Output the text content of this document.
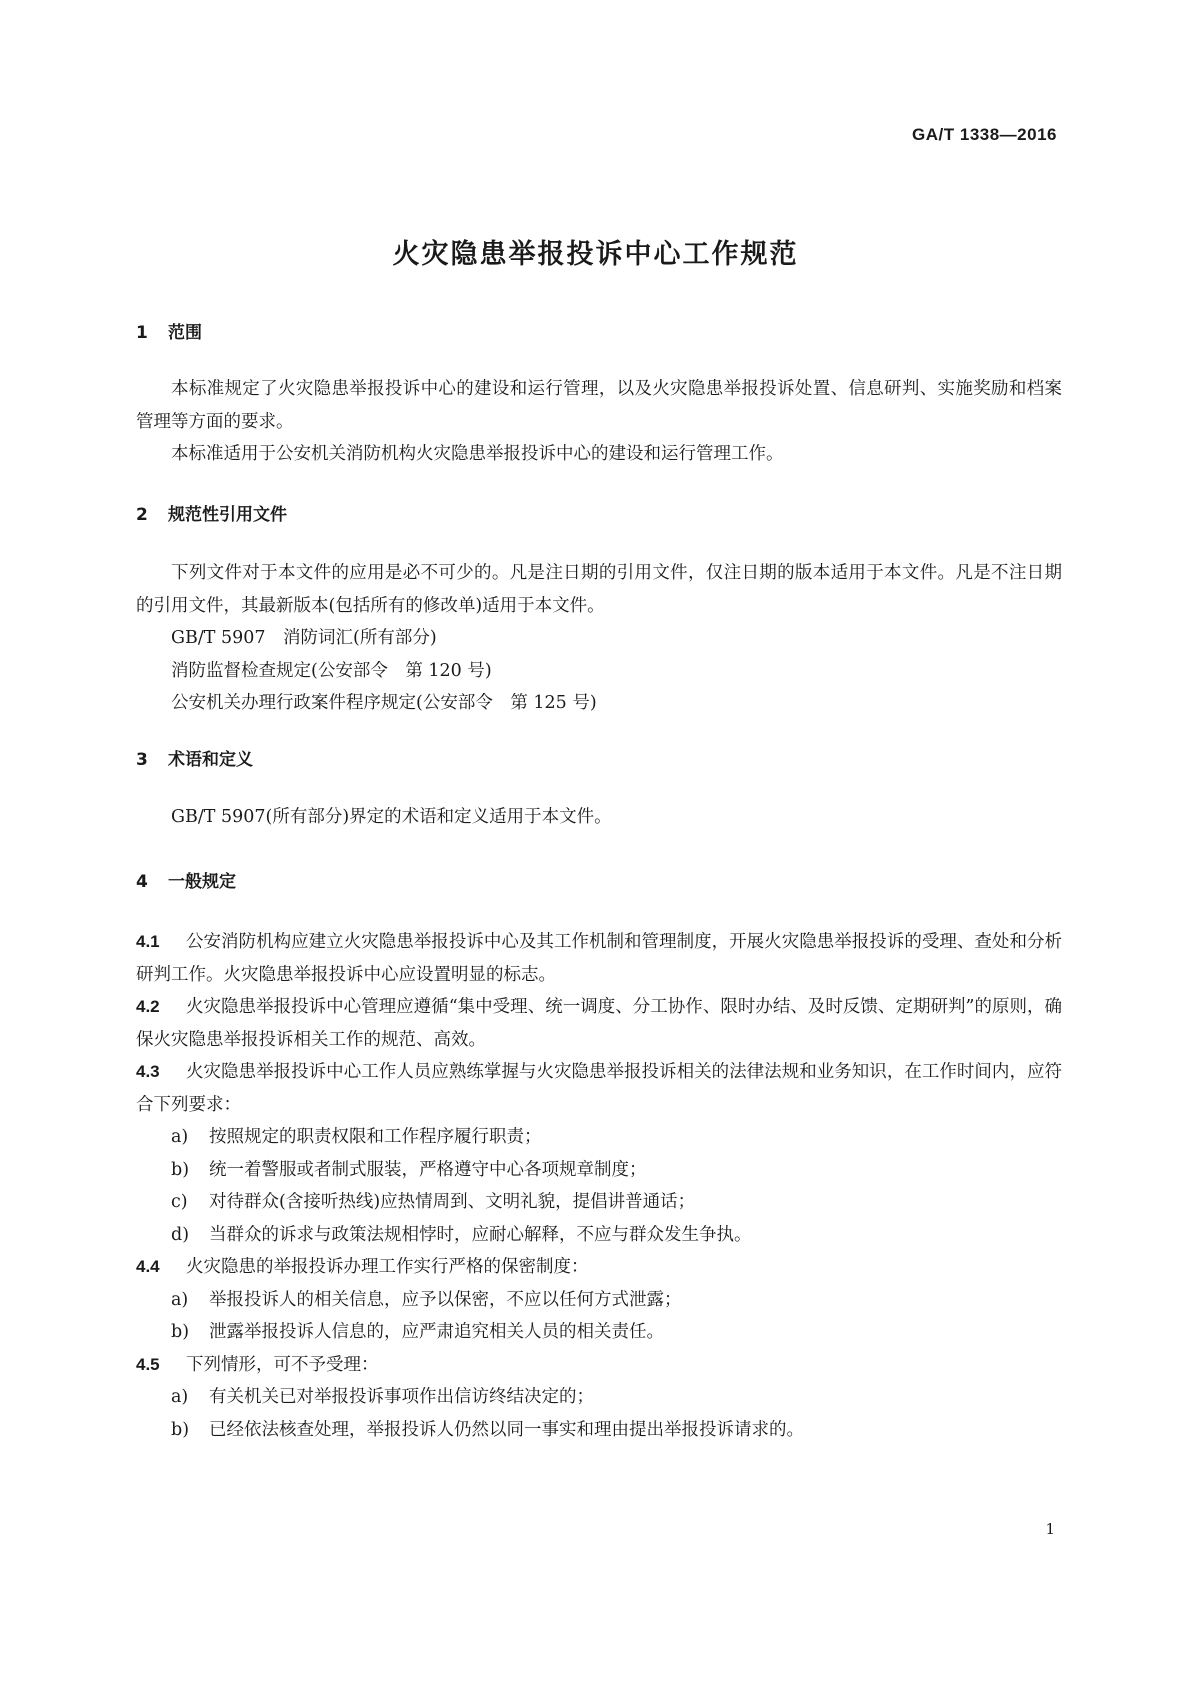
GA/T 1338—2016
火灾隐患举报投诉中心工作规范
1 范围

本标准规定了火灾隐患举报投诉中心的建设和运行管理，以及火灾隐患举报投诉处置、信息研判、实施奖励和档案管理等方面的要求。

本标准适用于公安机关消防机构火灾隐患举报投诉中心的建设和运行管理工作。

2 规范性引用文件

下列文件对于本文件的应用是必不可少的。凡是注日期的引用文件，仅注日期的版本适用于本文件。凡是不注日期的引用文件，其最新版本(包括所有的修改单)适用于本文件。

GB/T 5907　消防词汇(所有部分)

消防监督检查规定(公安部令　第 120 号)

公安机关办理行政案件程序规定(公安部令　第 125 号)

3 术语和定义

GB/T 5907(所有部分)界定的术语和定义适用于本文件。

4 一般规定

4.1 公安消防机构应建立火灾隐患举报投诉中心及其工作机制和管理制度，开展火灾隐患举报投诉的受理、查处和分析研判工作。火灾隐患举报投诉中心应设置明显的标志。

4.2 火灾隐患举报投诉中心管理应遵循“集中受理、统一调度、分工协作、限时办结、及时反馈、定期研判”的原则，确保火灾隐患举报投诉相关工作的规范、高效。

4.3 火灾隐患举报投诉中心工作人员应熟练掌握与火灾隐患举报投诉相关的法律法规和业务知识，在工作时间内，应符合下列要求：

a) 按照规定的职责权限和工作程序履行职责；

b) 统一着警服或者制式服装，严格遵守中心各项规章制度；

c) 对待群众(含接听热线)应热情周到、文明礼貌，提倡讲普通话；

d) 当群众的诉求与政策法规相悖时，应耐心解释，不应与群众发生争执。

4.4 火灾隐患的举报投诉办理工作实行严格的保密制度：

a) 举报投诉人的相关信息，应予以保密，不应以任何方式泄露；

b) 泄露举报投诉人信息的，应严肃追究相关人员的相关责任。

4.5 下列情形，可不予受理：

a) 有关机关已对举报投诉事项作出信访终结决定的；

b) 已经依法核查处理，举报投诉人仍然以同一事实和理由提出举报投诉请求的。

1
